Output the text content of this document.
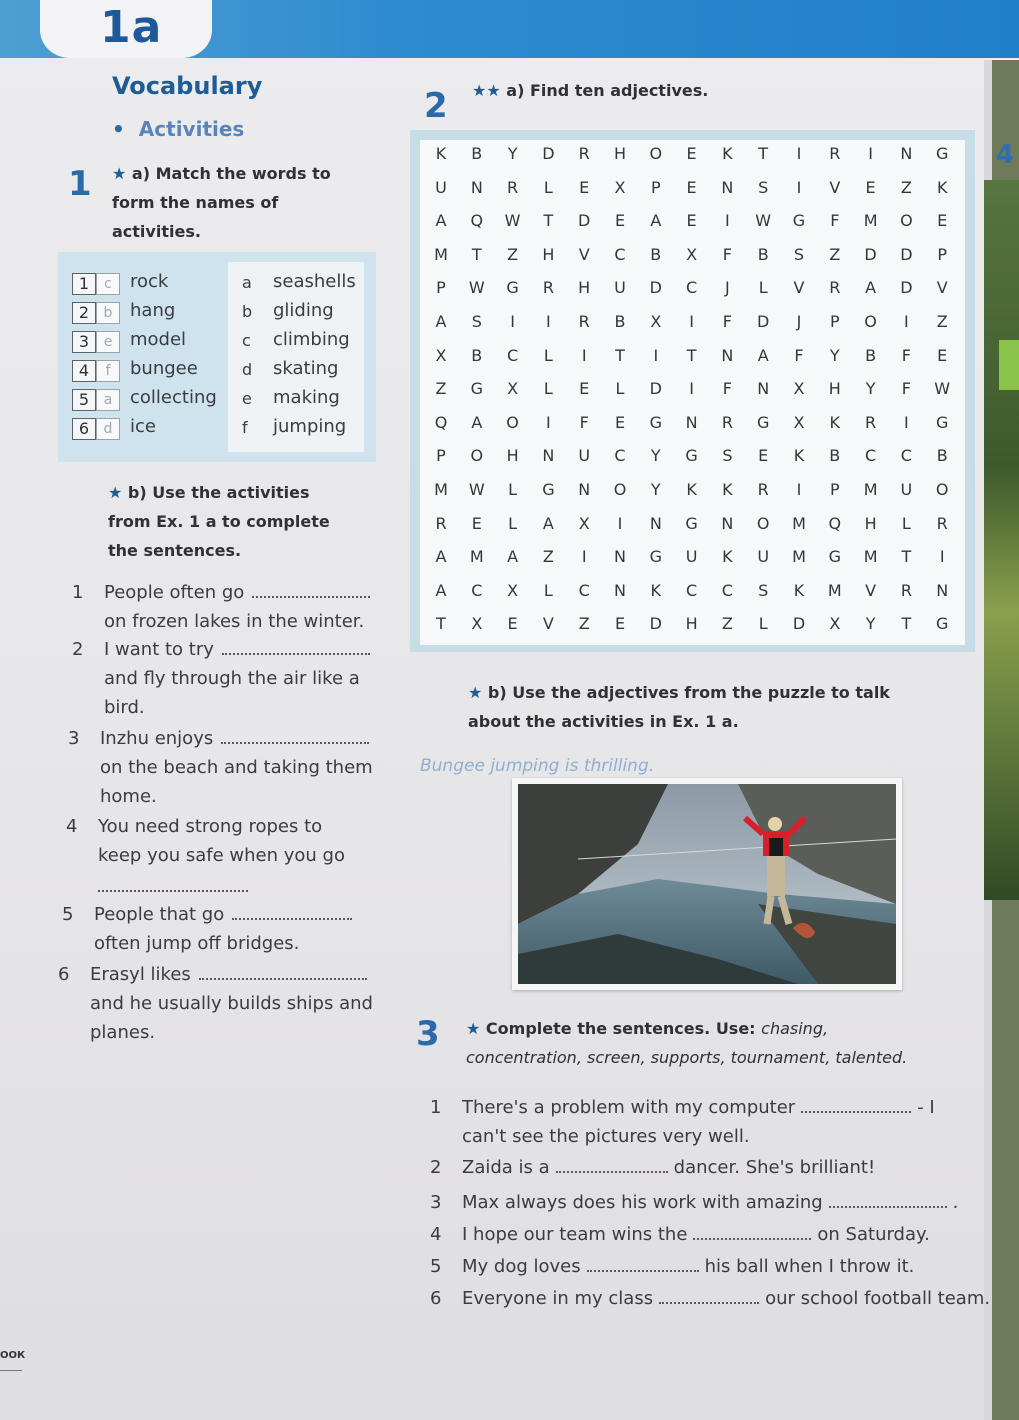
1a
4
Vocabulary
• Activities
1 ★ a) Match the words to
form the names of
activities.
1	c	rock
2	b hang
3	e model
4	f	bungee
5	a collecting
6	d ice
a seashells
b gliding
c climbing
d skating
e making
f jumping
★ b) Use the activities
from Ex. 1 a to complete
the sentences.
1 People often go
on frozen lakes in the winter.
2 I want to try
and fly through the air like a
bird.
3 Inzhu enjoys
on the beach and taking them
home.
4 You need strong ropes to
keep you safe when you go
5 People that go
often jump off bridges.
6 Erasyl likes
and he usually builds ships and
planes.
2 ★★ a) Find ten adjectives.
K	B	Y	D	R	H	O	E	K	T	I	R	I	N	G
U	N	R	L	E	X	P	E	N	S	I	V	E	Z	K
A	Q	W	T	D	E	A	E	I	W	G	F	M	O	E
M	T	Z	H	V	C	B	X	F	B	S	Z	D	D	P
P	W	G	R	H	U	D	C	J	L	V	R	A	D	V
A	S	I	I	R	B	X	I	F	D	J	P	O	I	Z
X	B	C	L	I	T	I	T	N	A	F	Y	B	F	E
Z	G	X	L	E	L	D	I	F	N	X	H	Y	F	W
Q	A	O	I	F	E	G	N	R	G	X	K	R	I	G
P	O	H	N	U	C	Y	G	S	E	K	B	C	C	B
M	W	L	G	N	O	Y	K	K	R	I	P	M	U	O
R	E	L	A	X	I	N	G	N	O	M	Q	H	L	R
A	M	A	Z	I	N	G	U	K	U	M	G	M	T	I
A	C	X	L	C	N	K	C	C	S	K	M	V	R	N
T	X	E	V	Z	E	D	H	Z	L	D	X	Y	T	G
★ b) Use the adjectives from the puzzle to talk
about the activities in Ex. 1 a.
Bungee jumping is thrilling.
3 ★ Complete the sentences. Use: chasing,
concentration, screen, supports, tournament, talented.
1 There's a problem with my computer	- I
can't see the pictures very well.
2 Zaida is a	dancer. She's brilliant!
3 Max always does his work with amazing	.
4 I hope our team wins the	on Saturday.
5 My dog loves	his ball when I throw it.
6 Everyone in my class	our school football team.
ООК
